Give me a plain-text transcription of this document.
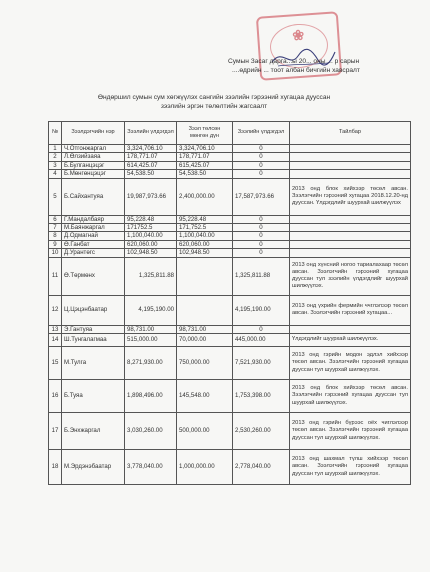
❀
Сумын Засаг дарга...ы 20... оны ... р сарын
....өдрийн ... тоот албан бичгийн хавсралт
Өндөршил сумын сум хөгжүүлэх сангийн зээлийн гэрээний хугацаа дууссан
зээлийн эргэн төлөлтийн жагсаалт
№	Зээлдэгчийн нэр	Зээлийн үлдэгдэл	Зээл төлсөн мөнгөн дүн	Зээлийн үлдэгдэл	Тайлбар
1	Ч.Отгонжаргал	3,324,706.10	3,324,706.10	0	
2	Л.Өлзийзаяа	178,771.07	178,771.07	0	
3	Б.Булганцэцэг	614,425.07	615,425.07	0	
4	Б.Мөнгөнцэцэг	54,538.50	54,538.50	0	
5	Б.Сайхантуяа	19,987,973.66	2,400,000.00	17,587,973.66	2013 онд блок хийхээр төсөл авсан. Зээлэгчийн гэрээний хугацаа 2018.12.20-нд дууссан. Үлдэгдлийг шуурхай шилжүүлэх
6	Г.Мандалбаяр	95,228.48	95,228.48	0	
7	М.Баянжаргал	171752.5	171,752.5	0	
8	Д.Одмагнай	1,100,040.00	1,100,040.00	0	
9	Ө.Ганбат	620,060.00	620,060.00	0	
10	Д.Урантөгс	102,948.50	102,948.50	0	
11	Ө.Төрмөнх	1,325,811.88		1,325,811.88	2013 онд хүнсний ногоо тариалахаар төсөл авсан. Зээлэгчийн гэрээний хугацаа дууссан тул зээлийн үлдэгдлийг шуурхай шилжүүлэх.
12	Ц.Цэцэнбаатар	4,195,190.00		4,195,190.00	2013 онд үхрийн фермийн ччглэлээр төсөл авсан. Зээлэгчийн гэрээний хугацаа...
13	Э.Гантуяа	98,731.00	98,731.00	0	
14	Ш.Тунгалагмаа	515,000.00	70,000.00	445,000.00	Үлдэгдлийг шуурхай шилжүүлэх.
15	М.Тулга	8,271,930.00	750,000.00	7,521,930.00	2013 онд гэрийн модон эдлэл хийхээр төсөл авсан. Зээлэгчийн гэрээний хугацаа дууссан тул шуурхай шилжүүлэх.
16	Б.Туяа	1,898,496.00	145,548.00	1,753,398.00	2013 онд блок хийхээр төсөл авсан. Зээлэгчийн гэрээний хугацаа дууссан тул шуурхай шилжүүлэх.
17	Б.Энхжаргал	3,030,260.00	500,000.00	2,530,260.00	2013 онд гэрийн бүрээс оёх чиглэлээр төсөл авсан. Зээлэгчийн гэрээний хугацаа дууссан тул шуурхай шилжүүлэх.
18	М.Эрдэнэбаатар	3,778,040.00	1,000,000.00	2,778,040.00	2013 онд шахмал түлш хийхээр төсөл авсан. Зээлэгчийн гэрээний хугацаа дууссан тул шуурхай шилжүүлэх.
